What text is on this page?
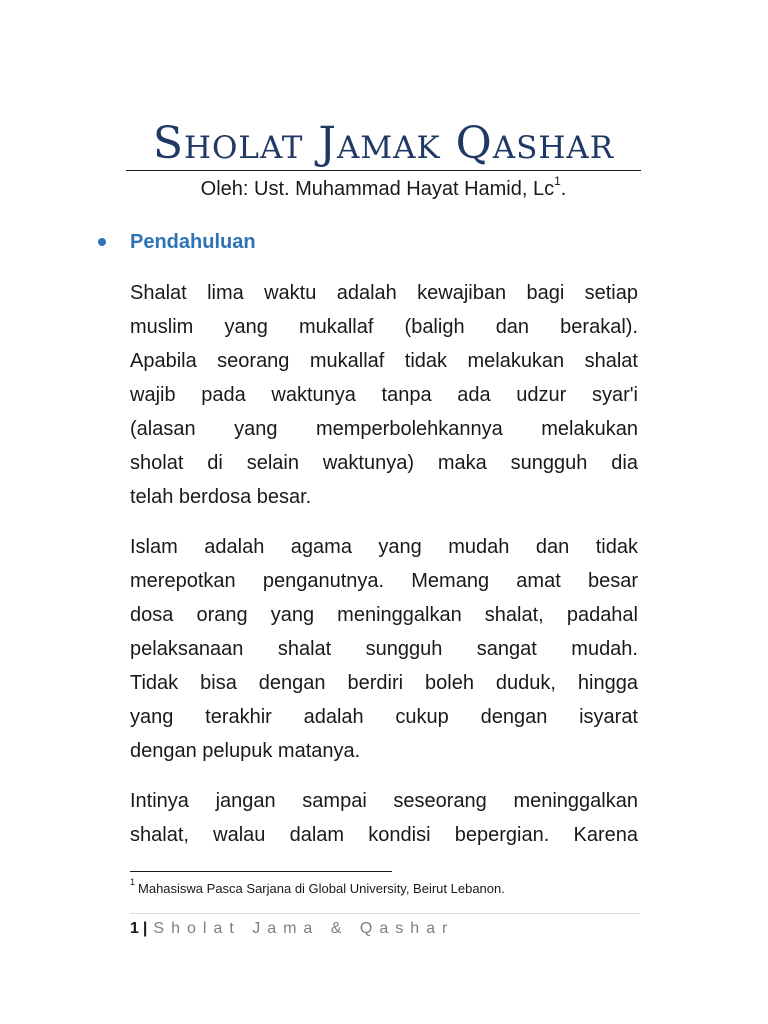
Sholat Jamak Qashar
Oleh: Ust. Muhammad Hayat Hamid, Lc$^1$.
Pendahuluan
Shalat lima waktu adalah kewajiban bagi setiap
muslim yang mukallaf (baligh dan berakal).
Apabila seorang mukallaf tidak melakukan shalat
wajib pada waktunya tanpa ada udzur syar'i
(alasan yang memperbolehkannya melakukan
sholat di selain waktunya) maka sungguh dia
telah berdosa besar.
Islam adalah agama yang mudah dan tidak
merepotkan penganutnya. Memang amat besar
dosa orang yang meninggalkan shalat, padahal
pelaksanaan shalat sungguh sangat mudah.
Tidak bisa dengan berdiri boleh duduk, hingga
yang terakhir adalah cukup dengan isyarat
dengan pelupuk matanya.
Intinya jangan sampai seseorang meninggalkan
shalat, walau dalam kondisi bepergian. Karena
$^1$ Mahasiswa Pasca Sarjana di Global University, Beirut Lebanon.
1 | Sholat Jama & Qashar
